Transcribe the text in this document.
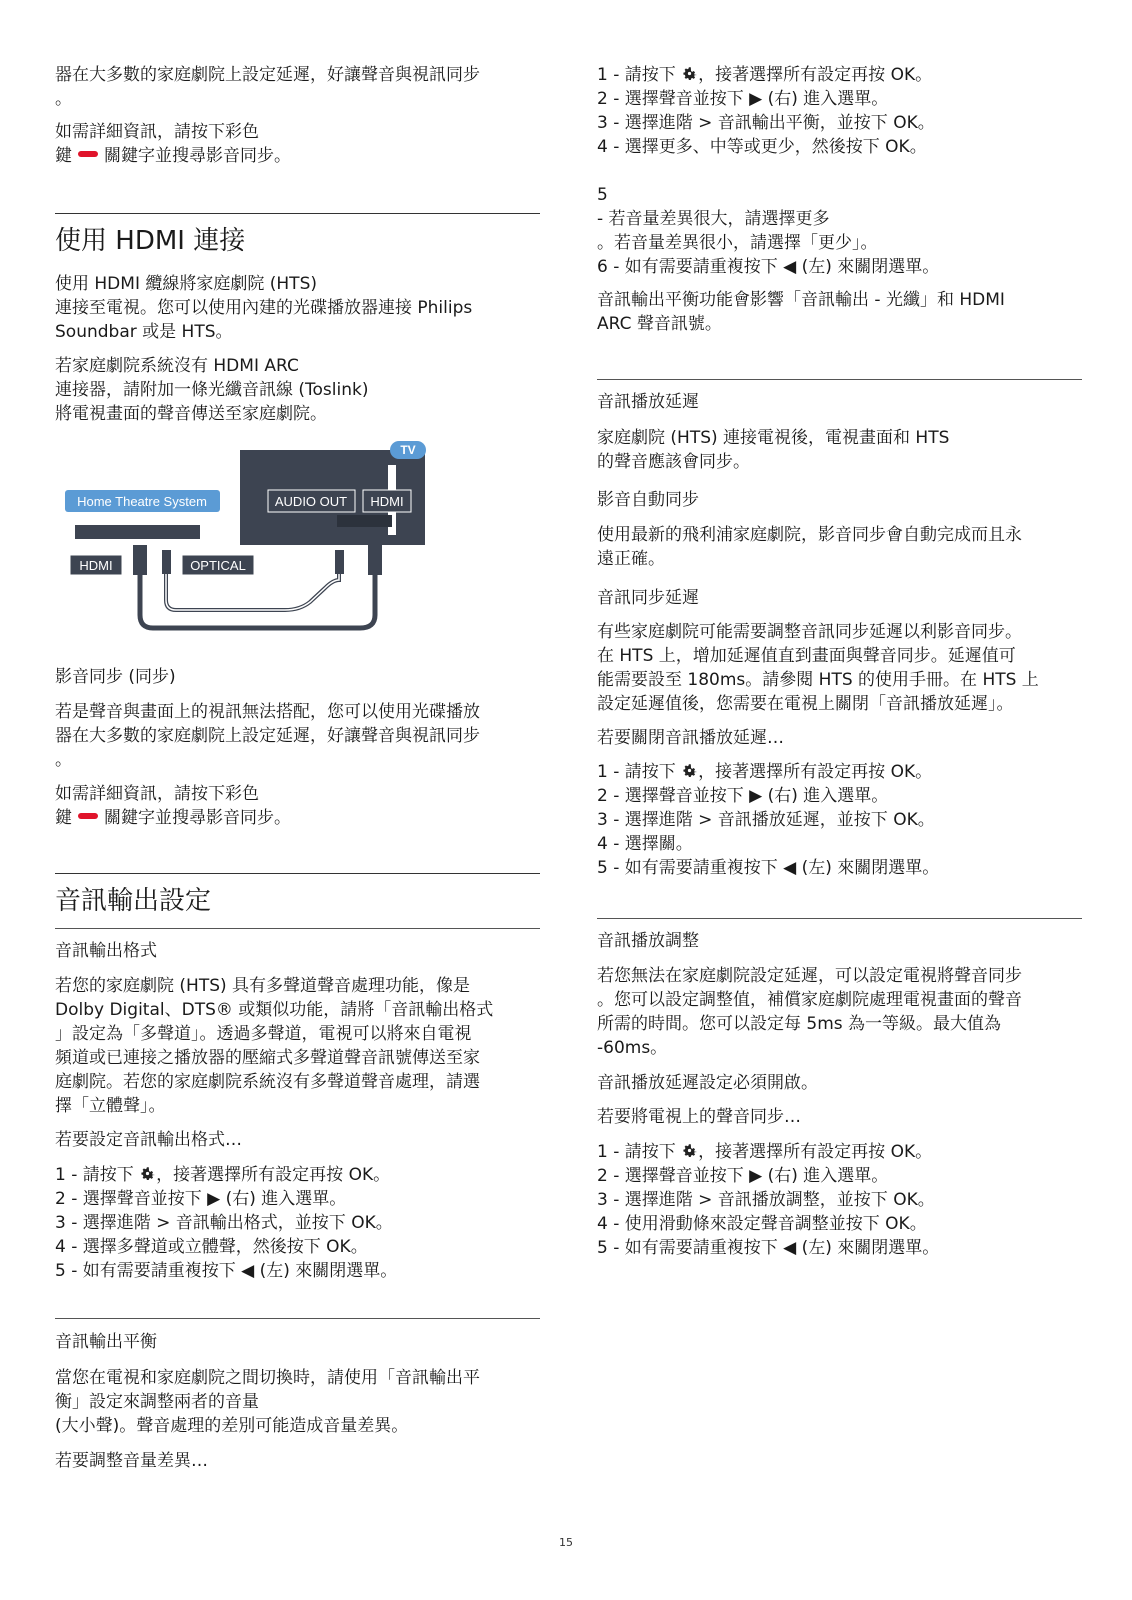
器在大多數的家庭劇院上設定延遲，好讓聲音與視訊同步

。

如需詳細資訊，請按下彩色

鍵 關鍵字並搜尋影音同步。

使用 HDMI 連接

使用 HDMI 纜線將家庭劇院 (HTS)

連接至電視。您可以使用內建的光碟播放器連接 Philips

Soundbar 或是 HTS。

若家庭劇院系統沒有 HDMI ARC

連接器，請附加一條光纖音訊線 (Toslink)

將電視畫面的聲音傳送至家庭劇院。

TV
AUDIO OUT HDMI
Home Theatre System
HDMI	OPTICAL

影音同步 (同步)

若是聲音與畫面上的視訊無法搭配，您可以使用光碟播放

器在大多數的家庭劇院上設定延遲，好讓聲音與視訊同步

。

如需詳細資訊，請按下彩色

鍵 關鍵字並搜尋影音同步。

音訊輸出設定

音訊輸出格式

若您的家庭劇院 (HTS) 具有多聲道聲音處理功能，像是

Dolby Digital、DTS® 或類似功能，請將「音訊輸出格式

」設定為「多聲道」。透過多聲道，電視可以將來自電視

頻道或已連接之播放器的壓縮式多聲道聲音訊號傳送至家

庭劇院。若您的家庭劇院系統沒有多聲道聲音處理，請選

擇「立體聲」。

若要設定音訊輸出格式…

1 - 請按下 ，接著選擇所有設定再按 OK。
2 - 選擇聲音並按下 ▶ (右) 進入選單。
3 - 選擇進階 > 音訊輸出格式，並按下 OK。
4 - 選擇多聲道或立體聲，然後按下 OK。
5 - 如有需要請重複按下 ◀ (左) 來關閉選單。

音訊輸出平衡

當您在電視和家庭劇院之間切換時，請使用「音訊輸出平

衡」設定來調整兩者的音量

(大小聲)。聲音處理的差別可能造成音量差異。

若要調整音量差異…

1 - 請按下 ，接著選擇所有設定再按 OK。
2 - 選擇聲音並按下 ▶ (右) 進入選單。
3 - 選擇進階 > 音訊輸出平衡，並按下 OK。
4 - 選擇更多、中等或更少，然後按下 OK。

5

- 若音量差異很大，請選擇更多

。若音量差異很小，請選擇「更少」。

6 - 如有需要請重複按下 ◀ (左) 來關閉選單。

音訊輸出平衡功能會影響「音訊輸出 - 光纖」和 HDMI

ARC 聲音訊號。

音訊播放延遲

家庭劇院 (HTS) 連接電視後，電視畫面和 HTS

的聲音應該會同步。

影音自動同步

使用最新的飛利浦家庭劇院，影音同步會自動完成而且永

遠正確。

音訊同步延遲

有些家庭劇院可能需要調整音訊同步延遲以利影音同步。

在 HTS 上，增加延遲值直到畫面與聲音同步。延遲值可

能需要設至 180ms。請參閱 HTS 的使用手冊。在 HTS 上

設定延遲值後，您需要在電視上關閉「音訊播放延遲」。

若要關閉音訊播放延遲…

1 - 請按下 ，接著選擇所有設定再按 OK。
2 - 選擇聲音並按下 ▶ (右) 進入選單。
3 - 選擇進階 > 音訊播放延遲，並按下 OK。
4 - 選擇關。
5 - 如有需要請重複按下 ◀ (左) 來關閉選單。

音訊播放調整

若您無法在家庭劇院設定延遲，可以設定電視將聲音同步

。您可以設定調整值，補償家庭劇院處理電視畫面的聲音

所需的時間。您可以設定每 5ms 為一等級。最大值為

-60ms。

音訊播放延遲設定必須開啟。

若要將電視上的聲音同步…

1 - 請按下 ，接著選擇所有設定再按 OK。
2 - 選擇聲音並按下 ▶ (右) 進入選單。
3 - 選擇進階 > 音訊播放調整，並按下 OK。
4 - 使用滑動條來設定聲音調整並按下 OK。
5 - 如有需要請重複按下 ◀ (左) 來關閉選單。
15
